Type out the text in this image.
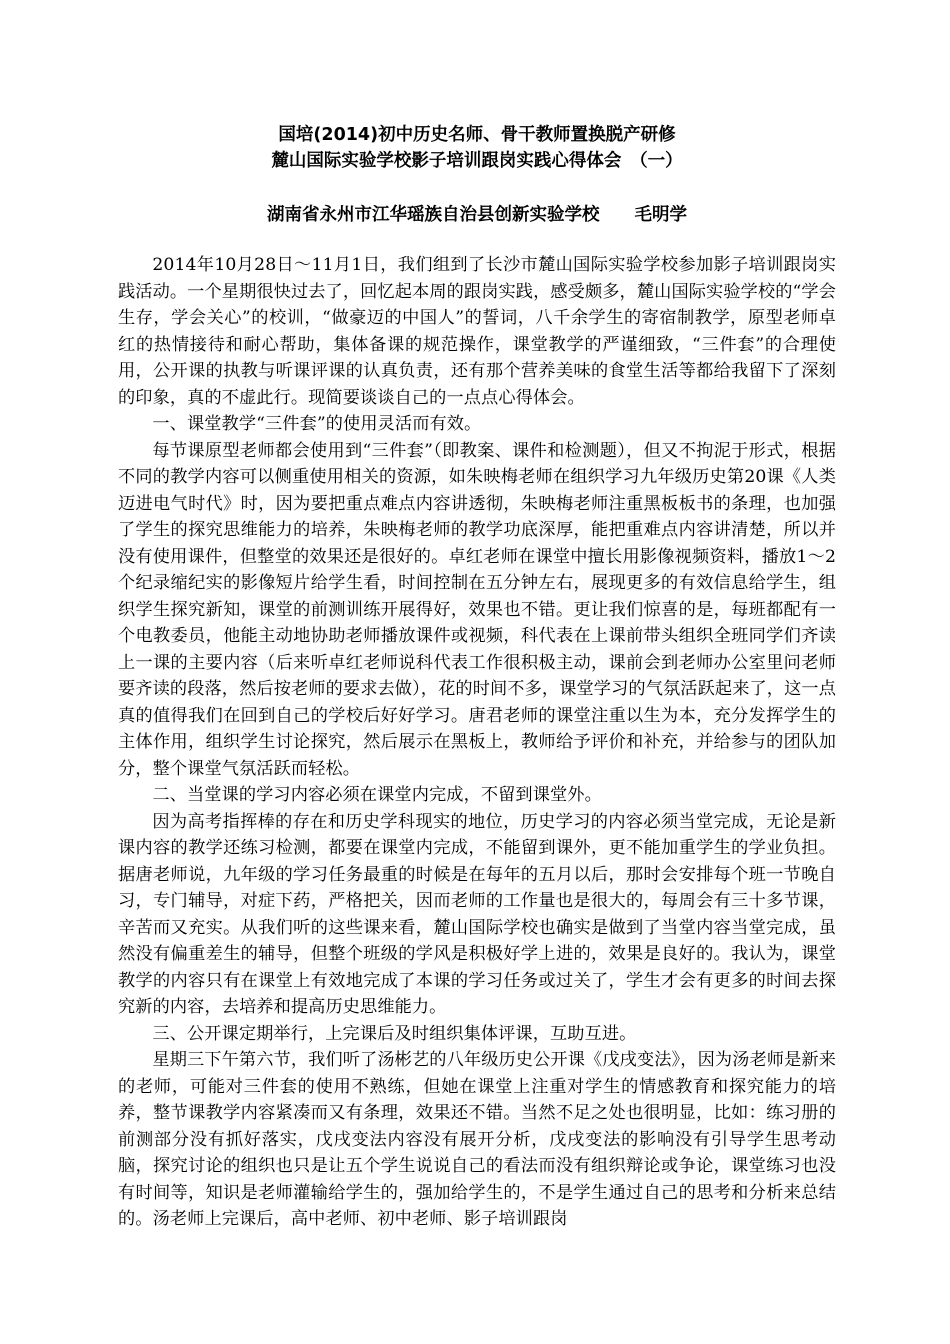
国培(2014)初中历史名师、骨干教师置换脱产研修
麓山国际实验学校影子培训跟岗实践心得体会　（一）
湖南省永州市江华瑶族自治县创新实验学校　　毛明学

2014年10月28日～11月1日，我们组到了长沙市麓山国际实验学校参加影子培训跟岗实践活动。一个星期很快过去了，回忆起本周的跟岗实践，感受颇多，麓山国际实验学校的“学会生存，学会关心”的校训，“做豪迈的中国人”的誓词，八千余学生的寄宿制教学，原型老师卓红的热情接待和耐心帮助，集体备课的规范操作，课堂教学的严谨细致，“三件套”的合理使用，公开课的执教与听课评课的认真负责，还有那个营养美味的食堂生活等都给我留下了深刻的印象，真的不虚此行。现简要谈谈自己的一点点心得体会。

一、课堂教学“三件套”的使用灵活而有效。

每节课原型老师都会使用到“三件套”（即教案、课件和检测题），但又不拘泥于形式，根据不同的教学内容可以侧重使用相关的资源，如朱映梅老师在组织学习九年级历史第20课《人类迈进电气时代》时，因为要把重点难点内容讲透彻，朱映梅老师注重黑板板书的条理，也加强了学生的探究思维能力的培养，朱映梅老师的教学功底深厚，能把重难点内容讲清楚，所以并没有使用课件，但整堂的效果还是很好的。卓红老师在课堂中擅长用影像视频资料，播放1～2个纪录缩纪实的影像短片给学生看，时间控制在五分钟左右，展现更多的有效信息给学生，组织学生探究新知，课堂的前测训练开展得好，效果也不错。更让我们惊喜的是，每班都配有一个电教委员，他能主动地协助老师播放课件或视频，科代表在上课前带头组织全班同学们齐读上一课的主要内容（后来听卓红老师说科代表工作很积极主动，课前会到老师办公室里问老师要齐读的段落，然后按老师的要求去做），花的时间不多，课堂学习的气氛活跃起来了，这一点真的值得我们在回到自己的学校后好好学习。唐君老师的课堂注重以生为本，充分发挥学生的主体作用，组织学生讨论探究，然后展示在黑板上，教师给予评价和补充，并给参与的团队加分，整个课堂气氛活跃而轻松。

二、当堂课的学习内容必须在课堂内完成，不留到课堂外。

因为高考指挥棒的存在和历史学科现实的地位，历史学习的内容必须当堂完成，无论是新课内容的教学还练习检测，都要在课堂内完成，不能留到课外，更不能加重学生的学业负担。据唐老师说，九年级的学习任务最重的时候是在每年的五月以后，那时会安排每个班一节晚自习，专门辅导，对症下药，严格把关，因而老师的工作量也是很大的，每周会有三十多节课，辛苦而又充实。从我们听的这些课来看，麓山国际学校也确实是做到了当堂内容当堂完成，虽然没有偏重差生的辅导，但整个班级的学风是积极好学上进的，效果是良好的。我认为，课堂教学的内容只有在课堂上有效地完成了本课的学习任务或过关了，学生才会有更多的时间去探究新的内容，去培养和提高历史思维能力。

三、公开课定期举行，上完课后及时组织集体评课，互助互进。

星期三下午第六节，我们听了汤彬艺的八年级历史公开课《戊戌变法》，因为汤老师是新来的老师，可能对三件套的使用不熟练，但她在课堂上注重对学生的情感教育和探究能力的培养，整节课教学内容紧凑而又有条理，效果还不错。当然不足之处也很明显，比如：练习册的前测部分没有抓好落实，戊戌变法内容没有展开分析，戊戌变法的影响没有引导学生思考动脑，探究讨论的组织也只是让五个学生说说自己的看法而没有组织辩论或争论，课堂练习也没有时间等，知识是老师灌输给学生的，强加给学生的，不是学生通过自己的思考和分析来总结的。汤老师上完课后，高中老师、初中老师、影子培训跟岗
